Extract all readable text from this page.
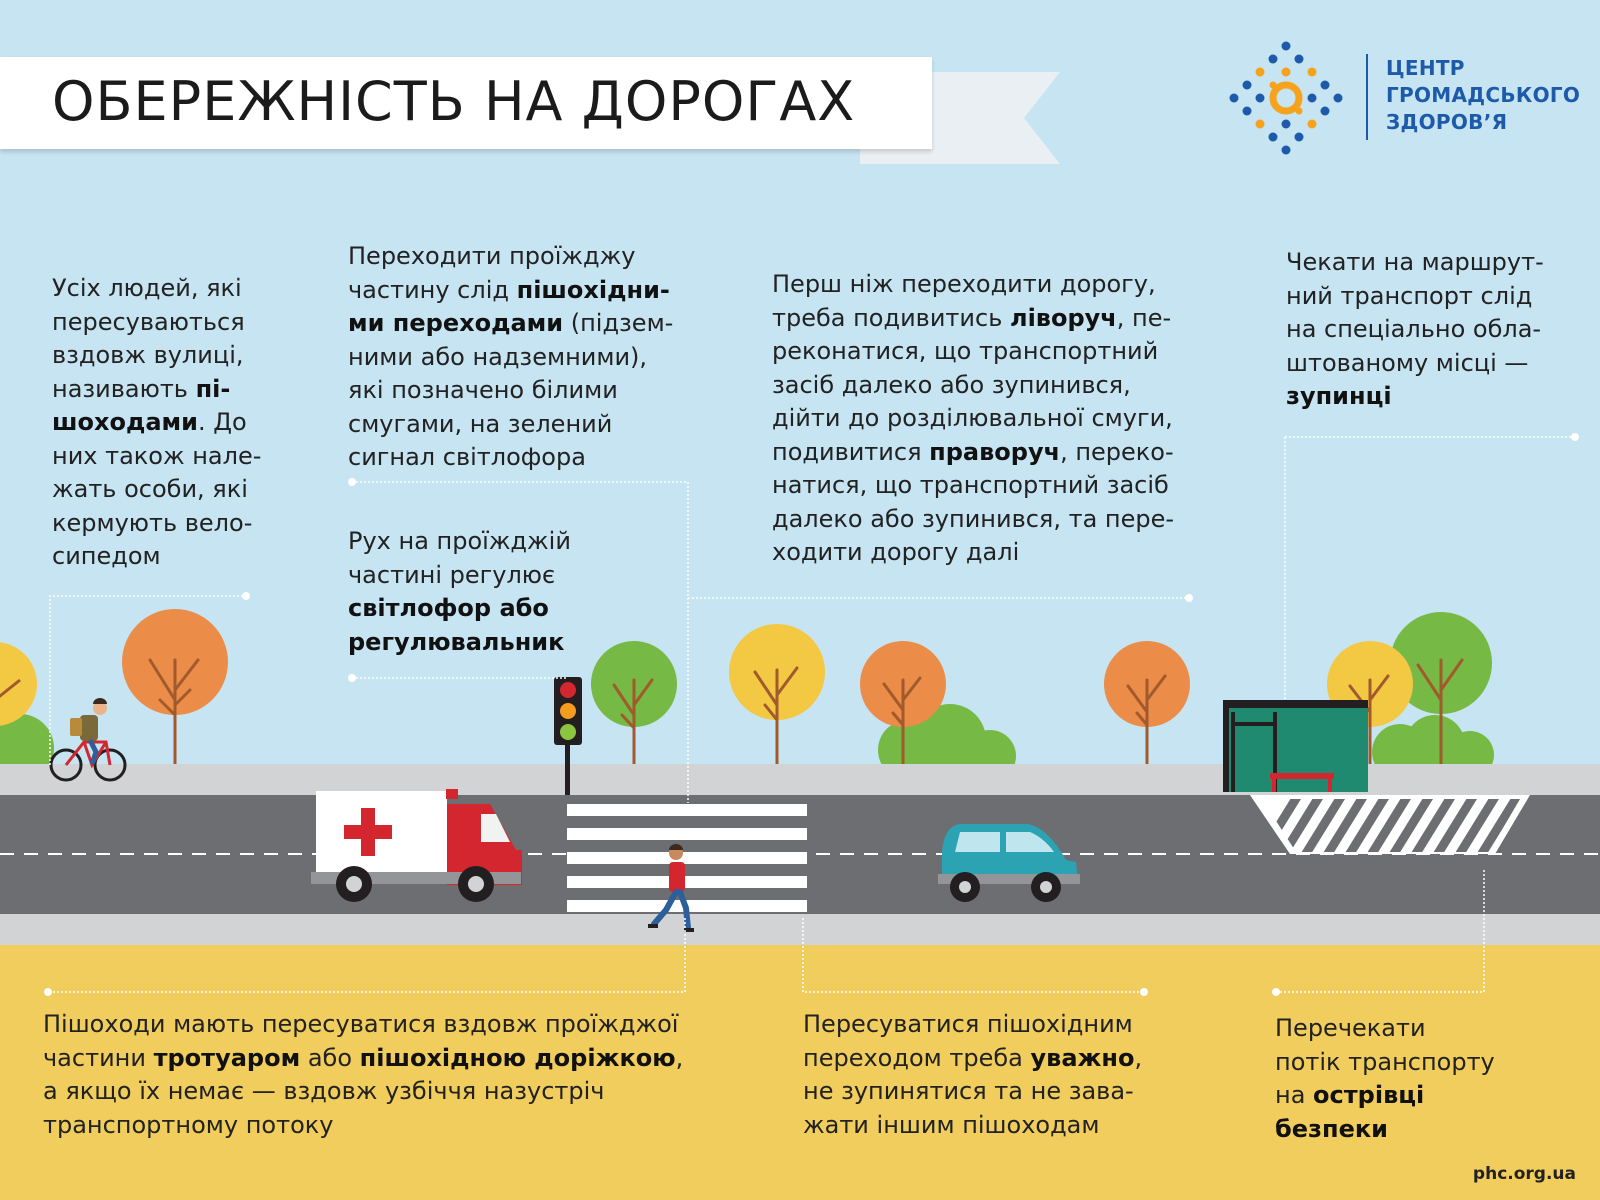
ОБЕРЕЖНІСТЬ НА ДОРОГАХ
ЦЕНТР
ГРОМАДСЬКОГО
ЗДОРОВ’Я
Усіх людей, які
пересуваються
вздовж вулиці,
називають пі-
шоходами. До
них також нале-
жать особи, які
кермують вело-
сипедом
Переходити проїжджу
частину слід пішохідни-
ми переходами (підзем-
ними або надземними),
які позначено білими
смугами, на зелений
сигнал світлофора
Рух на проїжджій
частині регулює
світлофор або
регулювальник
Перш ніж переходити дорогу,
треба подивитись ліворуч, пе-
реконатися, що транспортний
засіб далеко або зупинився,
дійти до розділювальної смуги,
подивитися праворуч, переко-
натися, що транспортний засіб
далеко або зупинився, та пере-
ходити дорогу далі
Чекати на маршрут-
ний транспорт слід
на спеціально обла-
штованому місці —
зупинці
Пішоходи мають пересуватися вздовж проїжджої
частини тротуаром або пішохідною доріжкою,
а якщо їх немає — вздовж узбіччя назустріч
транспортному потоку
Пересуватися пішохідним
переходом треба уважно,
не зупинятися та не зава-
жати іншим пішоходам
Перечекати
потік транспорту
на острівці
безпеки
phc.org.ua
